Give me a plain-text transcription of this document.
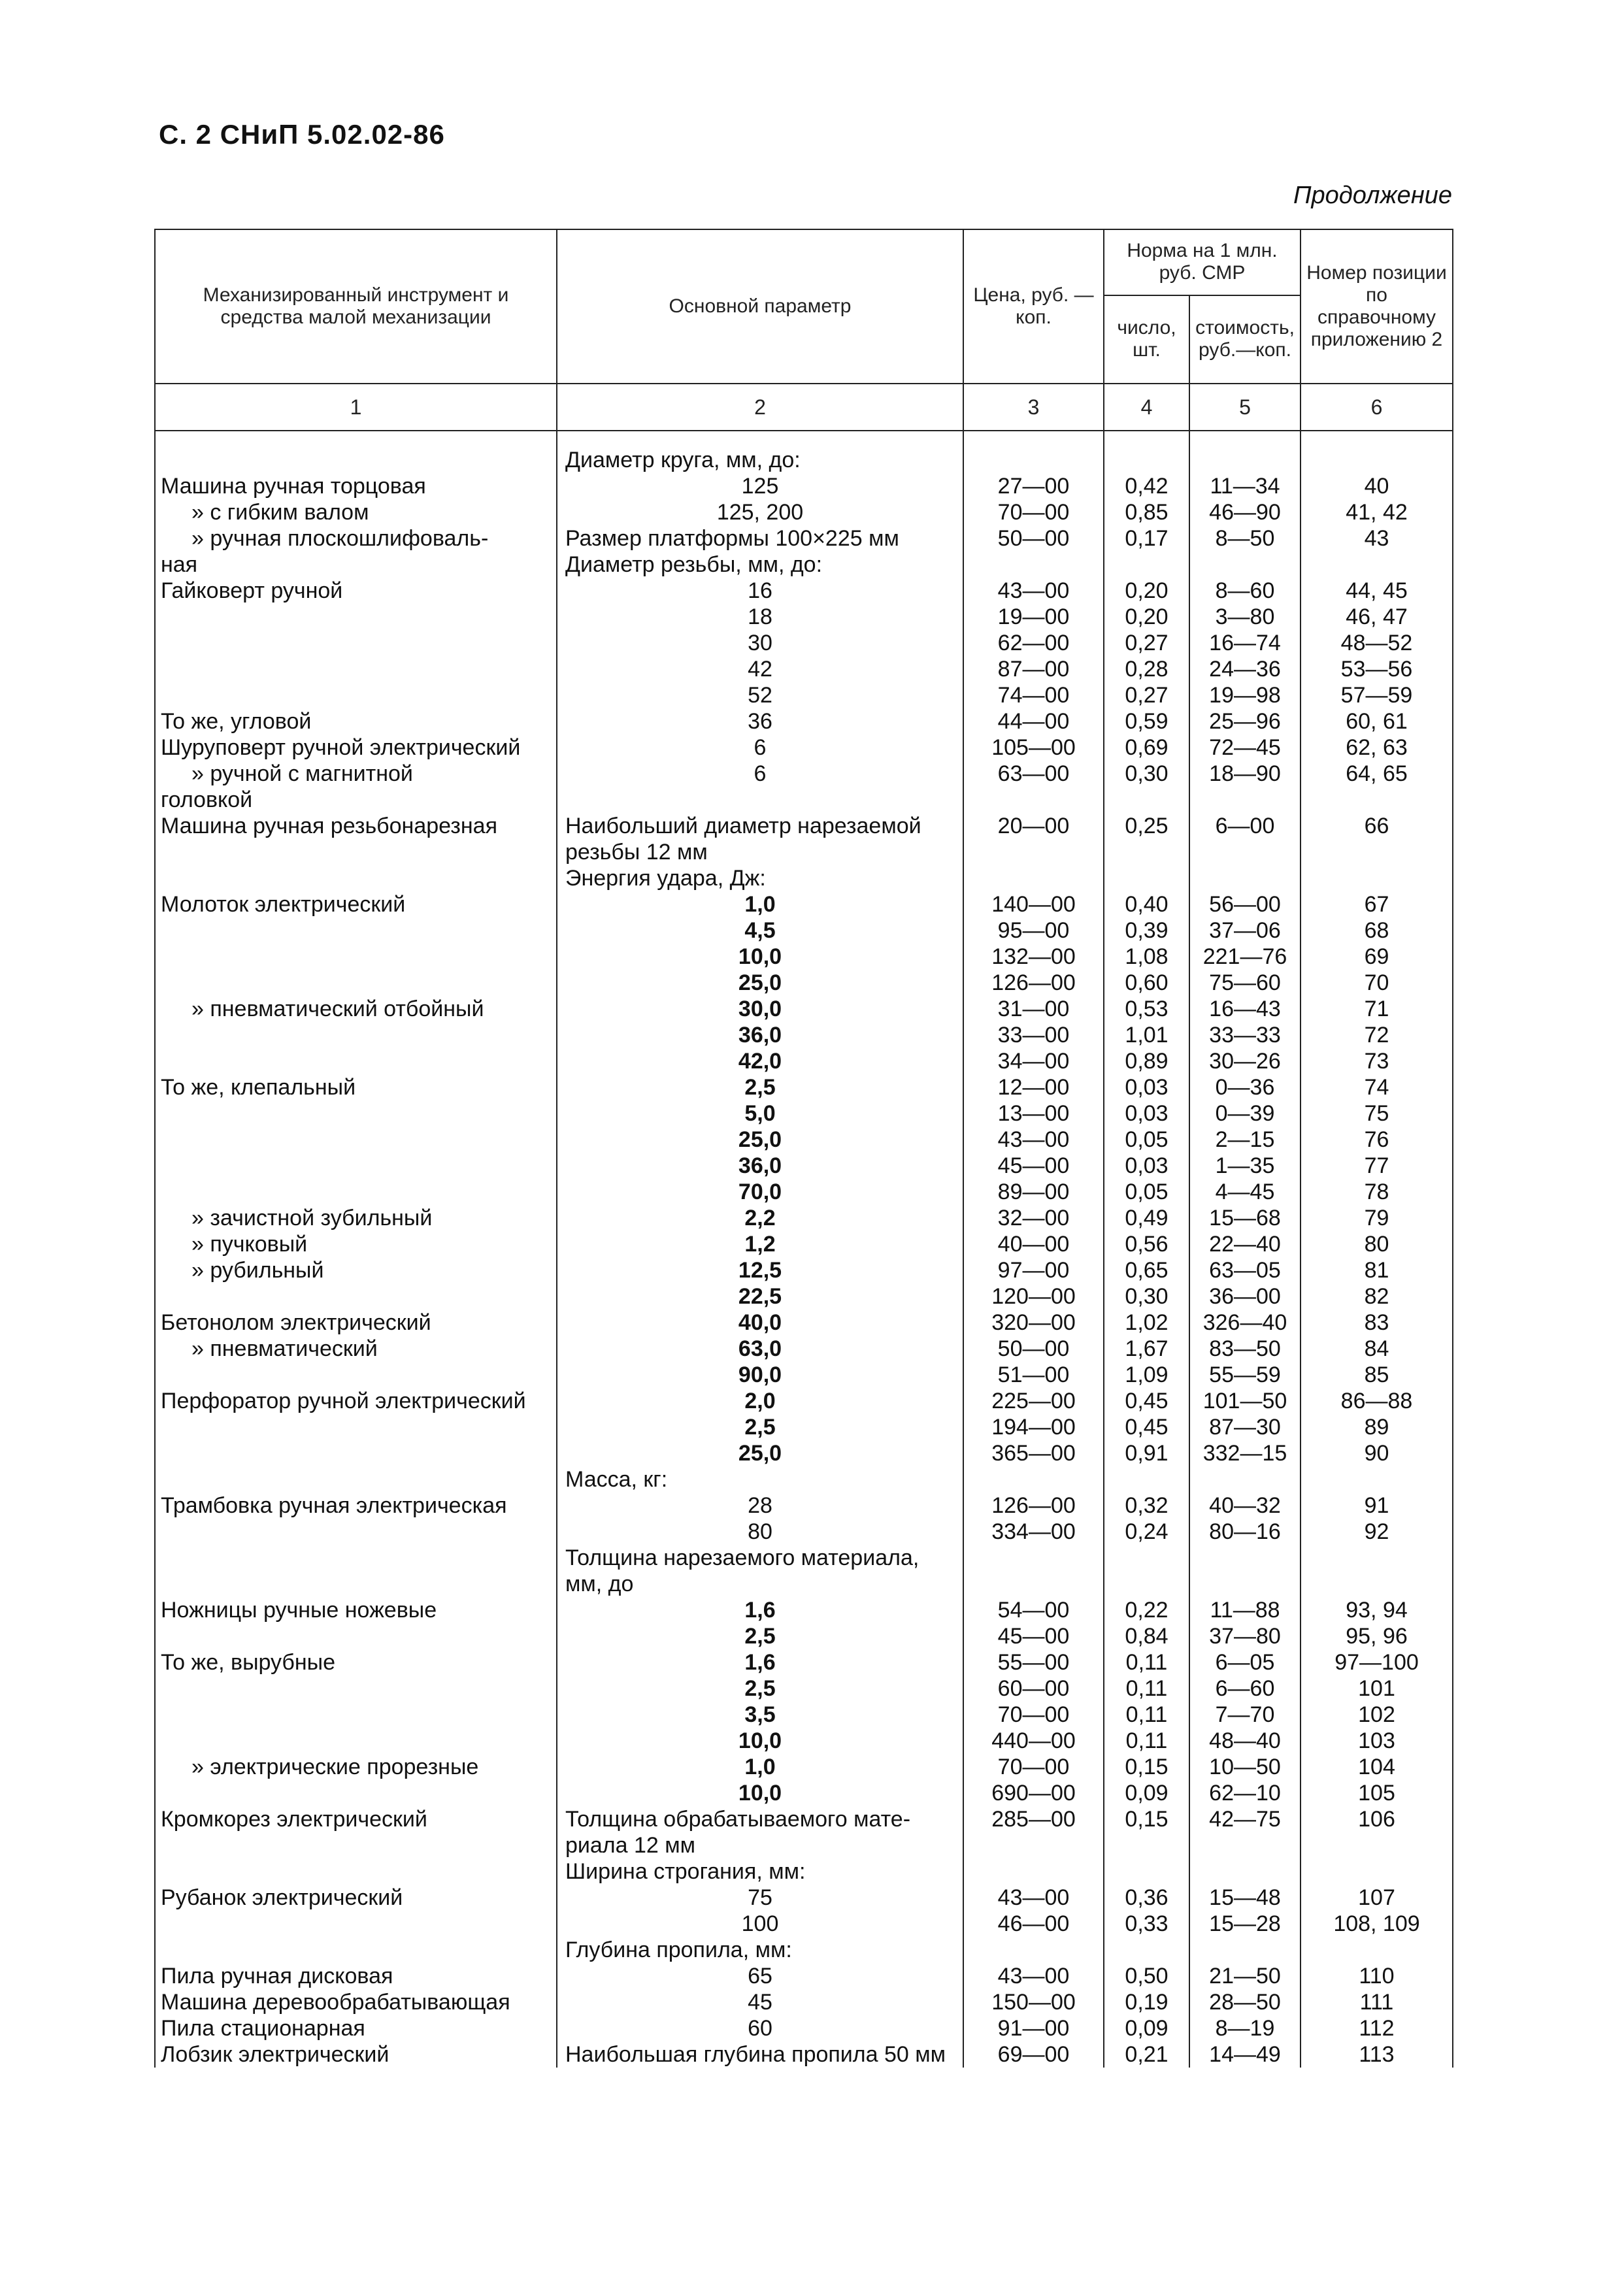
С. 2 СНиП 5.02.02-86
Продолжение
Механизированный инструмент и средства малой механизации	Основной параметр	Цена, руб. — коп.	Норма на 1 млн. руб. СМР		Номер позиции по справочному приложению 2
			число, шт.	стоимость, руб.—коп.	
1	2	3	4	5	6

	Диаметр круга, мм, до:				
Машина ручная торцовая	125	27—00	0,42	11—34	40
» с гибким валом	125, 200	70—00	0,85	46—90	41, 42
» ручная плоскошлифоваль-	Размер платформы 100×225 мм	50—00	0,17	8—50	43
ная	Диаметр резьбы, мм, до:				
Гайковерт ручной	16	43—00	0,20	8—60	44, 45
	18	19—00	0,20	3—80	46, 47
	30	62—00	0,27	16—74	48—52
	42	87—00	0,28	24—36	53—56
	52	74—00	0,27	19—98	57—59
То же, угловой	36	44—00	0,59	25—96	60, 61
Шуруповерт ручной электрический	6	105—00	0,69	72—45	62, 63
» ручной с магнитной	6	63—00	0,30	18—90	64, 65
головкой					
Машина ручная резьбонарезная	Наибольший диаметр нарезаемой	20—00	0,25	6—00	66
	резьбы 12 мм				
	Энергия удара, Дж:				
Молоток электрический	1,0	140—00	0,40	56—00	67
	4,5	95—00	0,39	37—06	68
	10,0	132—00	1,08	221—76	69
	25,0	126—00	0,60	75—60	70
» пневматический отбойный	30,0	31—00	0,53	16—43	71
	36,0	33—00	1,01	33—33	72
	42,0	34—00	0,89	30—26	73
То же, клепальный	2,5	12—00	0,03	0—36	74
	5,0	13—00	0,03	0—39	75
	25,0	43—00	0,05	2—15	76
	36,0	45—00	0,03	1—35	77
	70,0	89—00	0,05	4—45	78
» зачистной зубильный	2,2	32—00	0,49	15—68	79
» пучковый	1,2	40—00	0,56	22—40	80
» рубильный	12,5	97—00	0,65	63—05	81
	22,5	120—00	0,30	36—00	82
Бетонолом электрический	40,0	320—00	1,02	326—40	83
» пневматический	63,0	50—00	1,67	83—50	84
	90,0	51—00	1,09	55—59	85
Перфоратор ручной электрический	2,0	225—00	0,45	101—50	86—88
	2,5	194—00	0,45	87—30	89
	25,0	365—00	0,91	332—15	90
	Масса, кг:				
Трамбовка ручная электрическая	28	126—00	0,32	40—32	91
	80	334—00	0,24	80—16	92
	Толщина нарезаемого материала,				
	мм, до				
Ножницы ручные ножевые	1,6	54—00	0,22	11—88	93, 94
	2,5	45—00	0,84	37—80	95, 96
То же, вырубные	1,6	55—00	0,11	6—05	97—100
	2,5	60—00	0,11	6—60	101
	3,5	70—00	0,11	7—70	102
	10,0	440—00	0,11	48—40	103
» электрические прорезные	1,0	70—00	0,15	10—50	104
	10,0	690—00	0,09	62—10	105
Кромкорез электрический	Толщина обрабатываемого мате-	285—00	0,15	42—75	106
	риала 12 мм				
	Ширина строгания, мм:				
Рубанок электрический	75	43—00	0,36	15—48	107
	100	46—00	0,33	15—28	108, 109
	Глубина пропила, мм:				
Пила ручная дисковая	65	43—00	0,50	21—50	110
Машина деревообрабатывающая	45	150—00	0,19	28—50	111
Пила стационарная	60	91—00	0,09	8—19	112
Лобзик электрический	Наибольшая глубина пропила 50 мм	69—00	0,21	14—49	113
